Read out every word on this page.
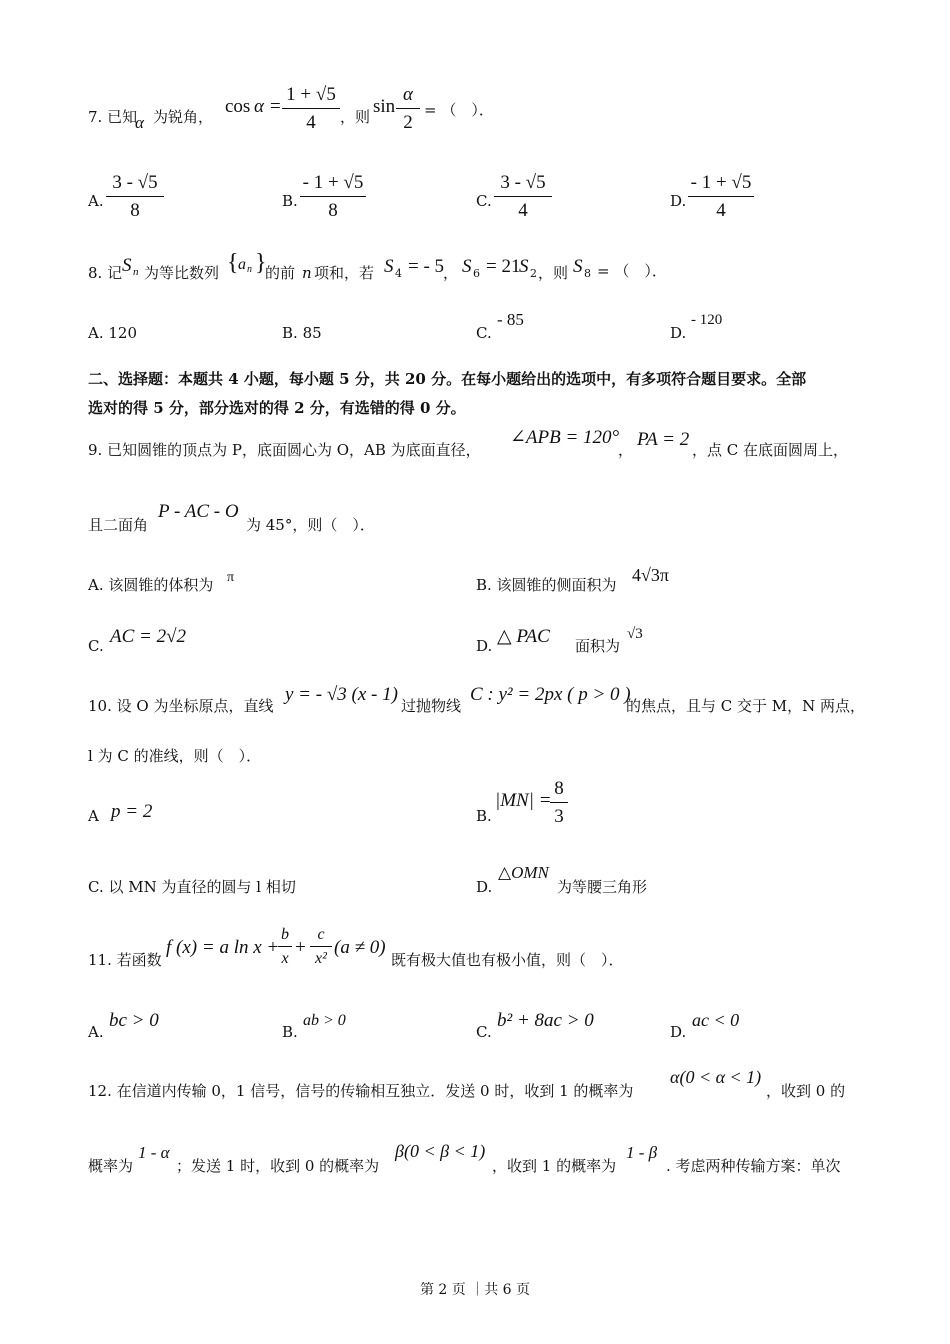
7. 已知
α 为锐角， $\cos \alpha = \frac{1 + √5}{4}$ ，则 $\sin \frac{\alpha}{2}$ = （　）．
A. $\frac{3 - √5}{8}$	B. $\frac{- 1 + √5}{8}$	C. $\frac{3 - √5}{4}$	D. $\frac{- 1 + √5}{4}$
8. 记 S n 为等比数列 { a n }
的前 n 项和，若 S 4 = - 5
， S 6 = 21
S 2 ，则 S 8 = （　）．
A. 120	B. 85	C.
- 85
D.
- 120
二、选择题：本题共 4 小题，每小题 5 分，共 20 分。在每小题给出的选项中，有多项符合题目要求。全部
选对的得 5 分，部分选对的得 2 分，有选错的得 0 分。
9. 已知圆锥的顶点为 P，底面圆心为 O，AB 为底面直径，
∠APB = 120°
， PA = 2 ，点 C 在底面圆周上，
且二面角
P - AC - O
为 45°，则（　）．
A. 该圆锥的体积为 π	B. 该圆锥的侧面积为 4√3π
C. AC = 2√2	D. △ PAC 面积为
√3
10. 设 O 为坐标原点，直线
y = - √3 (x - 1)
过抛物线
C : y² = 2px ( p > 0 )
的焦点，且与 C 交于 M，N 两点，
l 为 C 的准线，则（　）．
A p = 2	B.
|MN| =
$\frac{8}{3}$
C. 以 MN 为直径的圆与 l 相切	D.
△OMN
为等腰三角形
11. 若函数
f (x) = a ln x +
$\frac{b}{x} + \frac{c}{\text{x²}} (a \ne 0)$
既有极大值也有极小值，则（　）．
A.
bc > 0
B.
ab > 0
C.
b² + 8ac > 0
D.
ac < 0
12. 在信道内传输 0，1 信号，信号的传输相互独立．发送 0 时，收到 1 的概率为
α(0 < α < 1)
，收到 0 的
概率为
1 - α
；发送 1 时，收到 0 的概率为
β(0 < β < 1)
，收到 1 的概率为
1 - β
. 考虑两种传输方案：单次
第 2 页 ｜共 6 页
